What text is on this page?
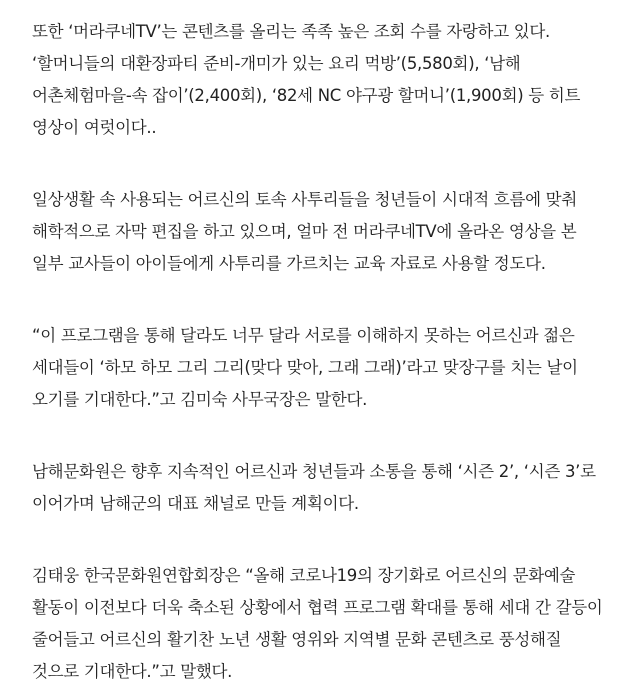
또한 ‘머라쿠네TV’는 콘텐츠를 올리는 족족 높은 조회 수를 자랑하고 있다.
‘할머니들의 대환장파티 준비-개미가 있는 요리 먹방’(5,580회), ‘남해
어촌체험마을-속 잡이’(2,400회), ‘82세 NC 야구광 할머니’(1,900회) 등 히트
영상이 여럿이다..
일상생활 속 사용되는 어르신의 토속 사투리들을 청년들이 시대적 흐름에 맞춰
해학적으로 자막 편집을 하고 있으며, 얼마 전 머라쿠네TV에 올라온 영상을 본
일부 교사들이 아이들에게 사투리를 가르치는 교육 자료로 사용할 정도다.
“이 프로그램을 통해 달라도 너무 달라 서로를 이해하지 못하는 어르신과 젊은
세대들이 ‘하모 하모 그리 그리(맞다 맞아, 그래 그래)’라고 맞장구를 치는 날이
오기를 기대한다.”고 김미숙 사무국장은 말한다.
남해문화원은 향후 지속적인 어르신과 청년들과 소통을 통해 ‘시즌 2’, ‘시즌 3’로
이어가며 남해군의 대표 채널로 만들 계획이다.
김태웅 한국문화원연합회장은 “올해 코로나19의 장기화로 어르신의 문화예술
활동이 이전보다 더욱 축소된 상황에서 협력 프로그램 확대를 통해 세대 간 갈등이
줄어들고 어르신의 활기찬 노년 생활 영위와 지역별 문화 콘텐츠로 풍성해질
것으로 기대한다.”고 말했다.
